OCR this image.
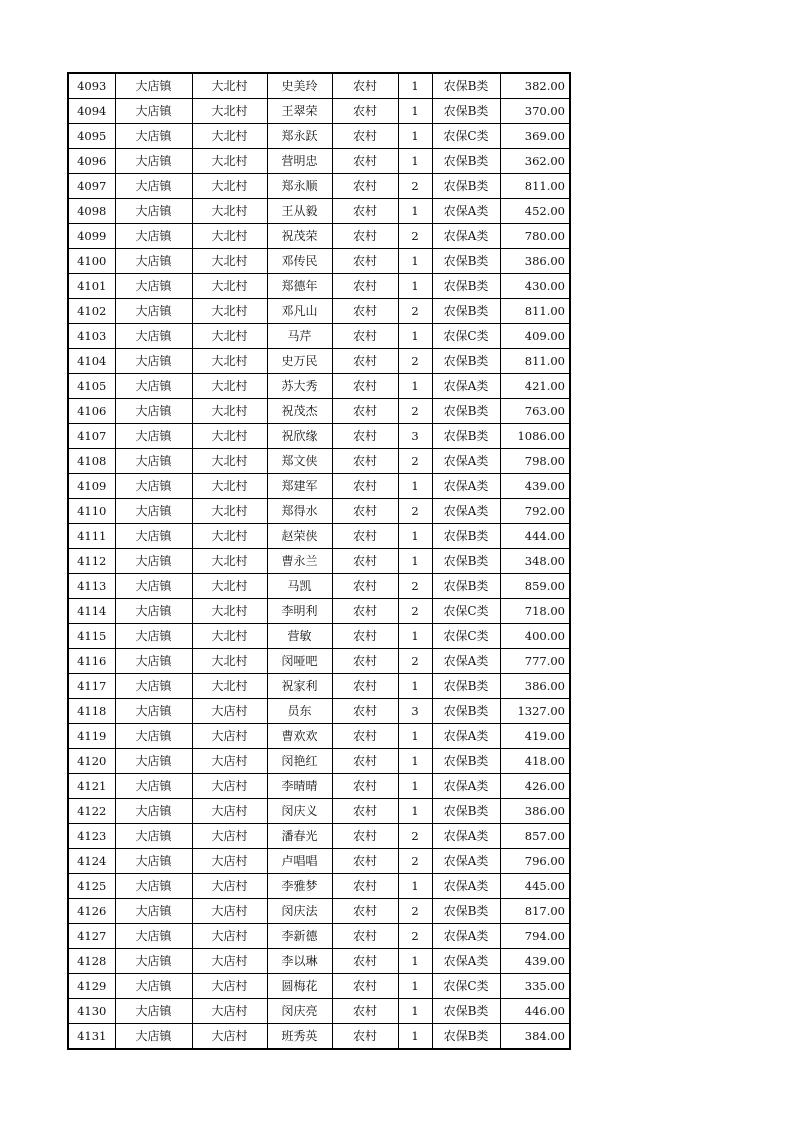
4093	大店镇	大北村	史美玲	农村	1	农保B类	382.00
4094	大店镇	大北村	王翠荣	农村	1	农保B类	370.00
4095	大店镇	大北村	郑永跃	农村	1	农保C类	369.00
4096	大店镇	大北村	营明忠	农村	1	农保B类	362.00
4097	大店镇	大北村	郑永顺	农村	2	农保B类	811.00
4098	大店镇	大北村	王从毅	农村	1	农保A类	452.00
4099	大店镇	大北村	祝茂荣	农村	2	农保A类	780.00
4100	大店镇	大北村	邓传民	农村	1	农保B类	386.00
4101	大店镇	大北村	郑德年	农村	1	农保B类	430.00
4102	大店镇	大北村	邓凡山	农村	2	农保B类	811.00
4103	大店镇	大北村	马芹	农村	1	农保C类	409.00
4104	大店镇	大北村	史万民	农村	2	农保B类	811.00
4105	大店镇	大北村	苏大秀	农村	1	农保A类	421.00
4106	大店镇	大北村	祝茂杰	农村	2	农保B类	763.00
4107	大店镇	大北村	祝欣缘	农村	3	农保B类	1086.00
4108	大店镇	大北村	郑文侠	农村	2	农保A类	798.00
4109	大店镇	大北村	郑建军	农村	1	农保A类	439.00
4110	大店镇	大北村	郑得水	农村	2	农保A类	792.00
4111	大店镇	大北村	赵荣侠	农村	1	农保B类	444.00
4112	大店镇	大北村	曹永兰	农村	1	农保B类	348.00
4113	大店镇	大北村	马凯	农村	2	农保B类	859.00
4114	大店镇	大北村	李明利	农村	2	农保C类	718.00
4115	大店镇	大北村	营敏	农村	1	农保C类	400.00
4116	大店镇	大北村	闵哑吧	农村	2	农保A类	777.00
4117	大店镇	大北村	祝家利	农村	1	农保B类	386.00
4118	大店镇	大店村	员东	农村	3	农保B类	1327.00
4119	大店镇	大店村	曹欢欢	农村	1	农保A类	419.00
4120	大店镇	大店村	闵艳红	农村	1	农保B类	418.00
4121	大店镇	大店村	李晴晴	农村	1	农保A类	426.00
4122	大店镇	大店村	闵庆义	农村	1	农保B类	386.00
4123	大店镇	大店村	潘春光	农村	2	农保A类	857.00
4124	大店镇	大店村	卢唱唱	农村	2	农保A类	796.00
4125	大店镇	大店村	李雅梦	农村	1	农保A类	445.00
4126	大店镇	大店村	闵庆法	农村	2	农保B类	817.00
4127	大店镇	大店村	李新德	农村	2	农保A类	794.00
4128	大店镇	大店村	李以琳	农村	1	农保A类	439.00
4129	大店镇	大店村	圆梅花	农村	1	农保C类	335.00
4130	大店镇	大店村	闵庆亮	农村	1	农保B类	446.00
4131	大店镇	大店村	班秀英	农村	1	农保B类	384.00
